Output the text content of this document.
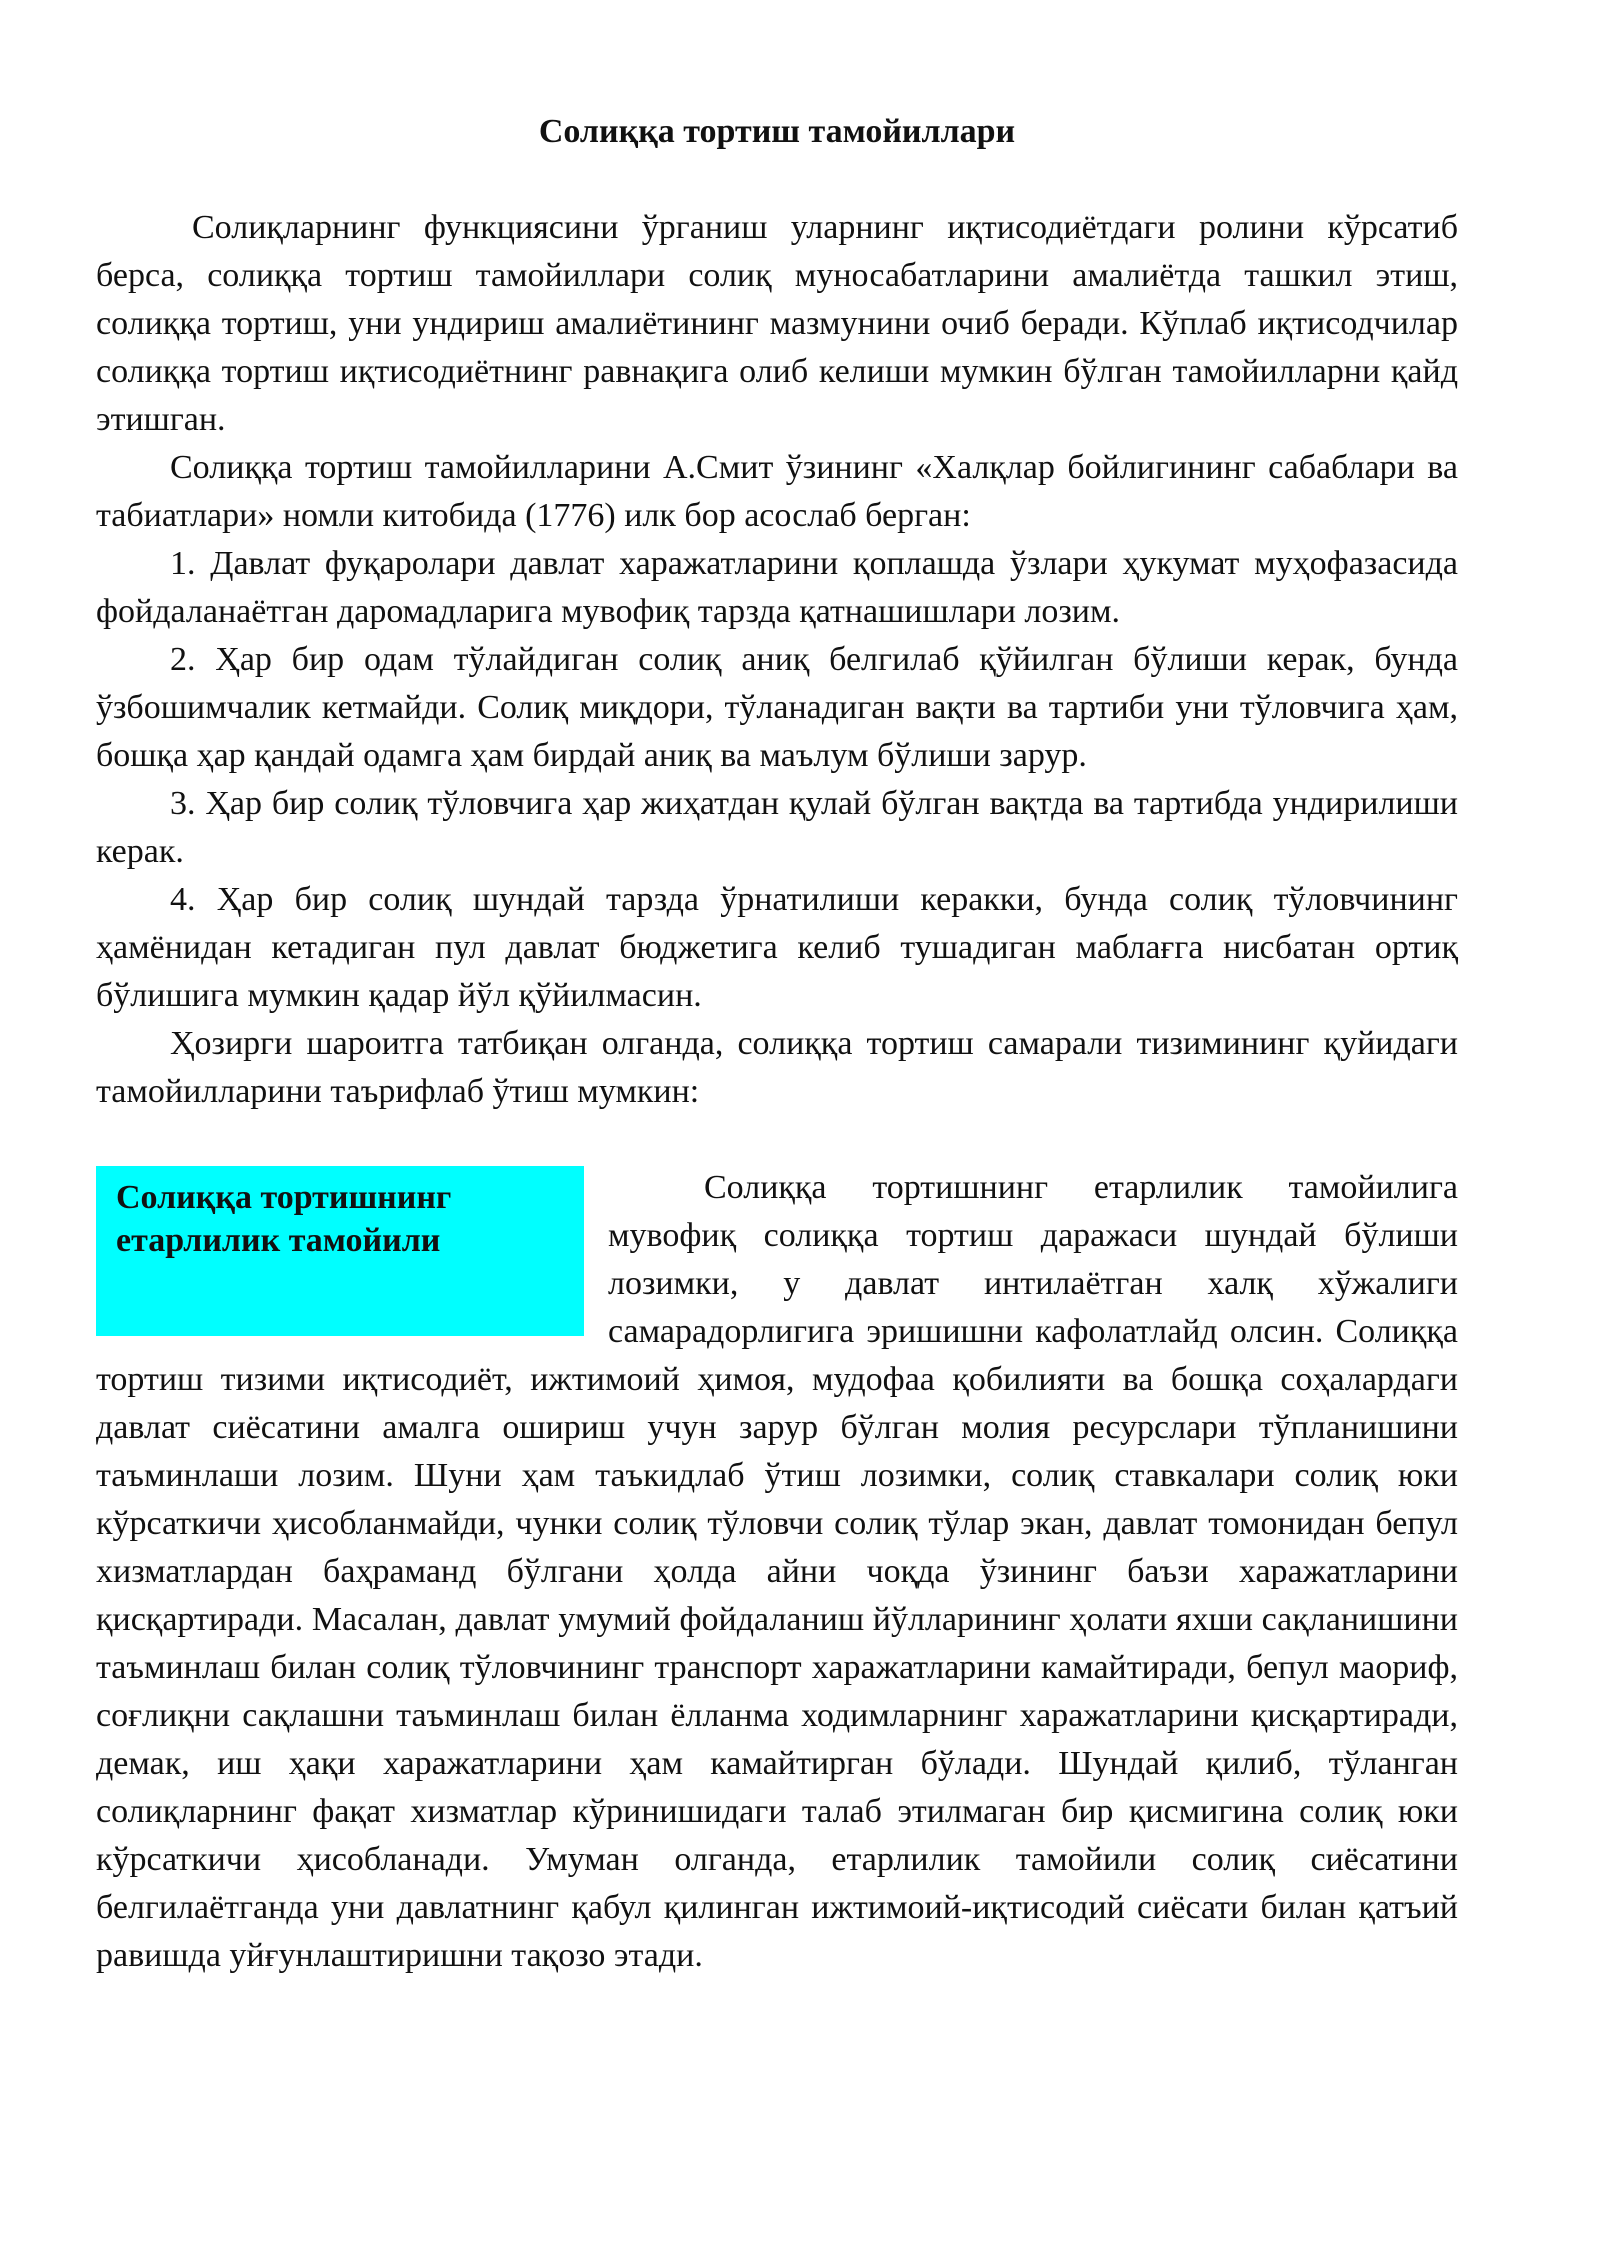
Солиққа тортиш тамойиллари

Солиқларнинг функциясини ўрганиш уларнинг иқтисодиётдаги ролини кўрсатиб берса, солиққа тортиш тамойиллари солиқ муносабатларини амалиётда ташкил этиш, солиққа тортиш, уни ундириш амалиётининг мазмунини очиб беради. Кўплаб иқтисодчилар солиққа тортиш иқтисодиётнинг равнақига олиб келиши мумкин бўлган тамойилларни қайд этишган.

Солиққа тортиш тамойилларини А.Смит ўзининг «Халқлар бойлигининг сабаблари ва табиатлари» номли китобида (1776) илк бор асослаб берган:

1. Давлат фуқаролари давлат харажатларини қоплашда ўзлари ҳукумат муҳофазасида фойдаланаётган даромадларига мувофиқ тарзда қатнашишлари лозим.

2. Ҳар бир одам тўлайдиган солиқ аниқ белгилаб қўйилган бўлиши керак, бунда ўзбошимчалик кетмайди. Солиқ миқдори, тўланадиган вақти ва тартиби уни тўловчига ҳам, бошқа ҳар қандай одамга ҳам бирдай аниқ ва маълум бўлиши зарур.

3. Ҳар бир солиқ тўловчига ҳар жиҳатдан қулай бўлган вақтда ва тартибда ундирилиши керак.

4. Ҳар бир солиқ шундай тарзда ўрнатилиши керакки, бунда солиқ тўловчининг ҳамёнидан кетадиган пул давлат бюджетига келиб тушадиган маблағга нисбатан ортиқ бўлишига мумкин қадар йўл қўйилмасин.

Ҳозирги шароитга татбиқан олганда, солиққа тортиш самарали тизимининг қуйидаги тамойилларини таърифлаб ўтиш мумкин:

Солиққа тортишнинг етарлилик тамойили

Солиққа тортишнинг етарлилик тамойилига мувофиқ солиққа тортиш даражаси шундай бўлиши лозимки, у давлат интилаётган халқ хўжалиги самарадорлигига эришишни кафолатлайд олсин. Солиққа тортиш тизими иқтисодиёт, ижтимоий ҳимоя, мудофаа қобилияти ва бошқа соҳалардаги давлат сиёсатини амалга ошириш учун зарур бўлган молия ресурслари тўпланишини таъминлаши лозим. Шуни ҳам таъкидлаб ўтиш лозимки, солиқ ставкалари солиқ юки кўрсаткичи ҳисобланмайди, чунки солиқ тўловчи солиқ тўлар экан, давлат томонидан бепул хизматлардан баҳраманд бўлгани ҳолда айни чоқда ўзининг баъзи харажатларини қисқартиради. Масалан, давлат умумий фойдаланиш йўлларининг ҳолати яхши сақланишини таъминлаш билан солиқ тўловчининг транспорт харажатларини камайтиради, бепул маориф, соғлиқни сақлашни таъминлаш билан ёлланма ходимларнинг харажатларини қисқартиради, демак, иш ҳақи харажатларини ҳам камайтирган бўлади. Шундай қилиб, тўланган солиқларнинг фақат хизматлар кўринишидаги талаб этилмаган бир қисмигина солиқ юки кўрсаткичи ҳисобланади. Умуман олганда, етарлилик тамойили солиқ сиёсатини белгилаётганда уни давлатнинг қабул қилинган ижтимоий-иқтисодий сиёсати билан қатъий равишда уйғунлаштиришни тақозо этади.
